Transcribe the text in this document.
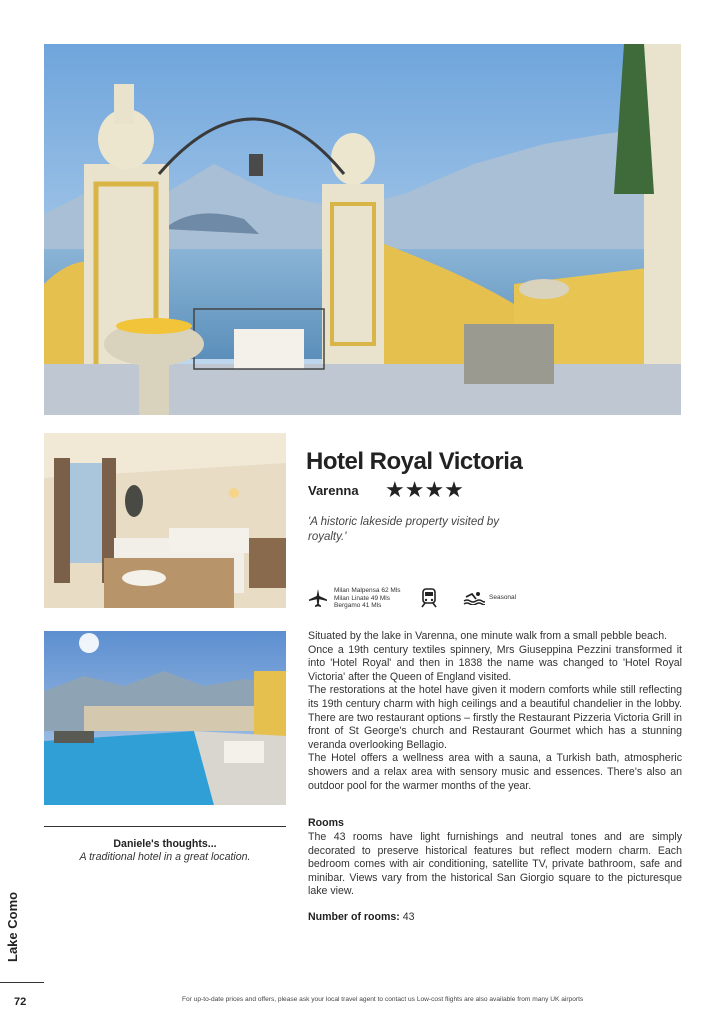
Hotel Royal Victoria
Varenna ★★★★
'A historic lakeside property visited by royalty.'
Milan Malpensa 62 Mls
Milan Linate 49 Mls
Bergamo 41 Mls
Seasonal

Situated by the lake in Varenna, one minute walk from a small pebble beach.

Once a 19th century textiles spinnery, Mrs Giuseppina Pezzini transformed it into 'Hotel Royal' and then in 1838 the name was changed to 'Hotel Royal Victoria' after the Queen of England visited.

The restorations at the hotel have given it modern comforts while still reflecting its 19th century charm with high ceilings and a beautiful chandelier in the lobby. There are two restaurant options – firstly the Restaurant Pizzeria Victoria Grill in front of St George's church and Restaurant Gourmet which has a stunning veranda overlooking Bellagio.

The Hotel offers a wellness area with a sauna, a Turkish bath, atmospheric showers and a relax area with sensory music and essences. There's also an outdoor pool for the warmer months of the year.

Rooms

The 43 rooms have light furnishings and neutral tones and are simply decorated to preserve historical features but reflect modern charm. Each bedroom comes with air conditioning, satellite TV, private bathroom, safe and minibar. Views vary from the historical San Giorgio square to the picturesque lake view.

Number of rooms: 43
Daniele's thoughts...
A traditional hotel in a great location.
Lake Como
72	For up-to-date prices and offers, please ask your local travel agent to contact us Low-cost flights are also available from many UK airports
